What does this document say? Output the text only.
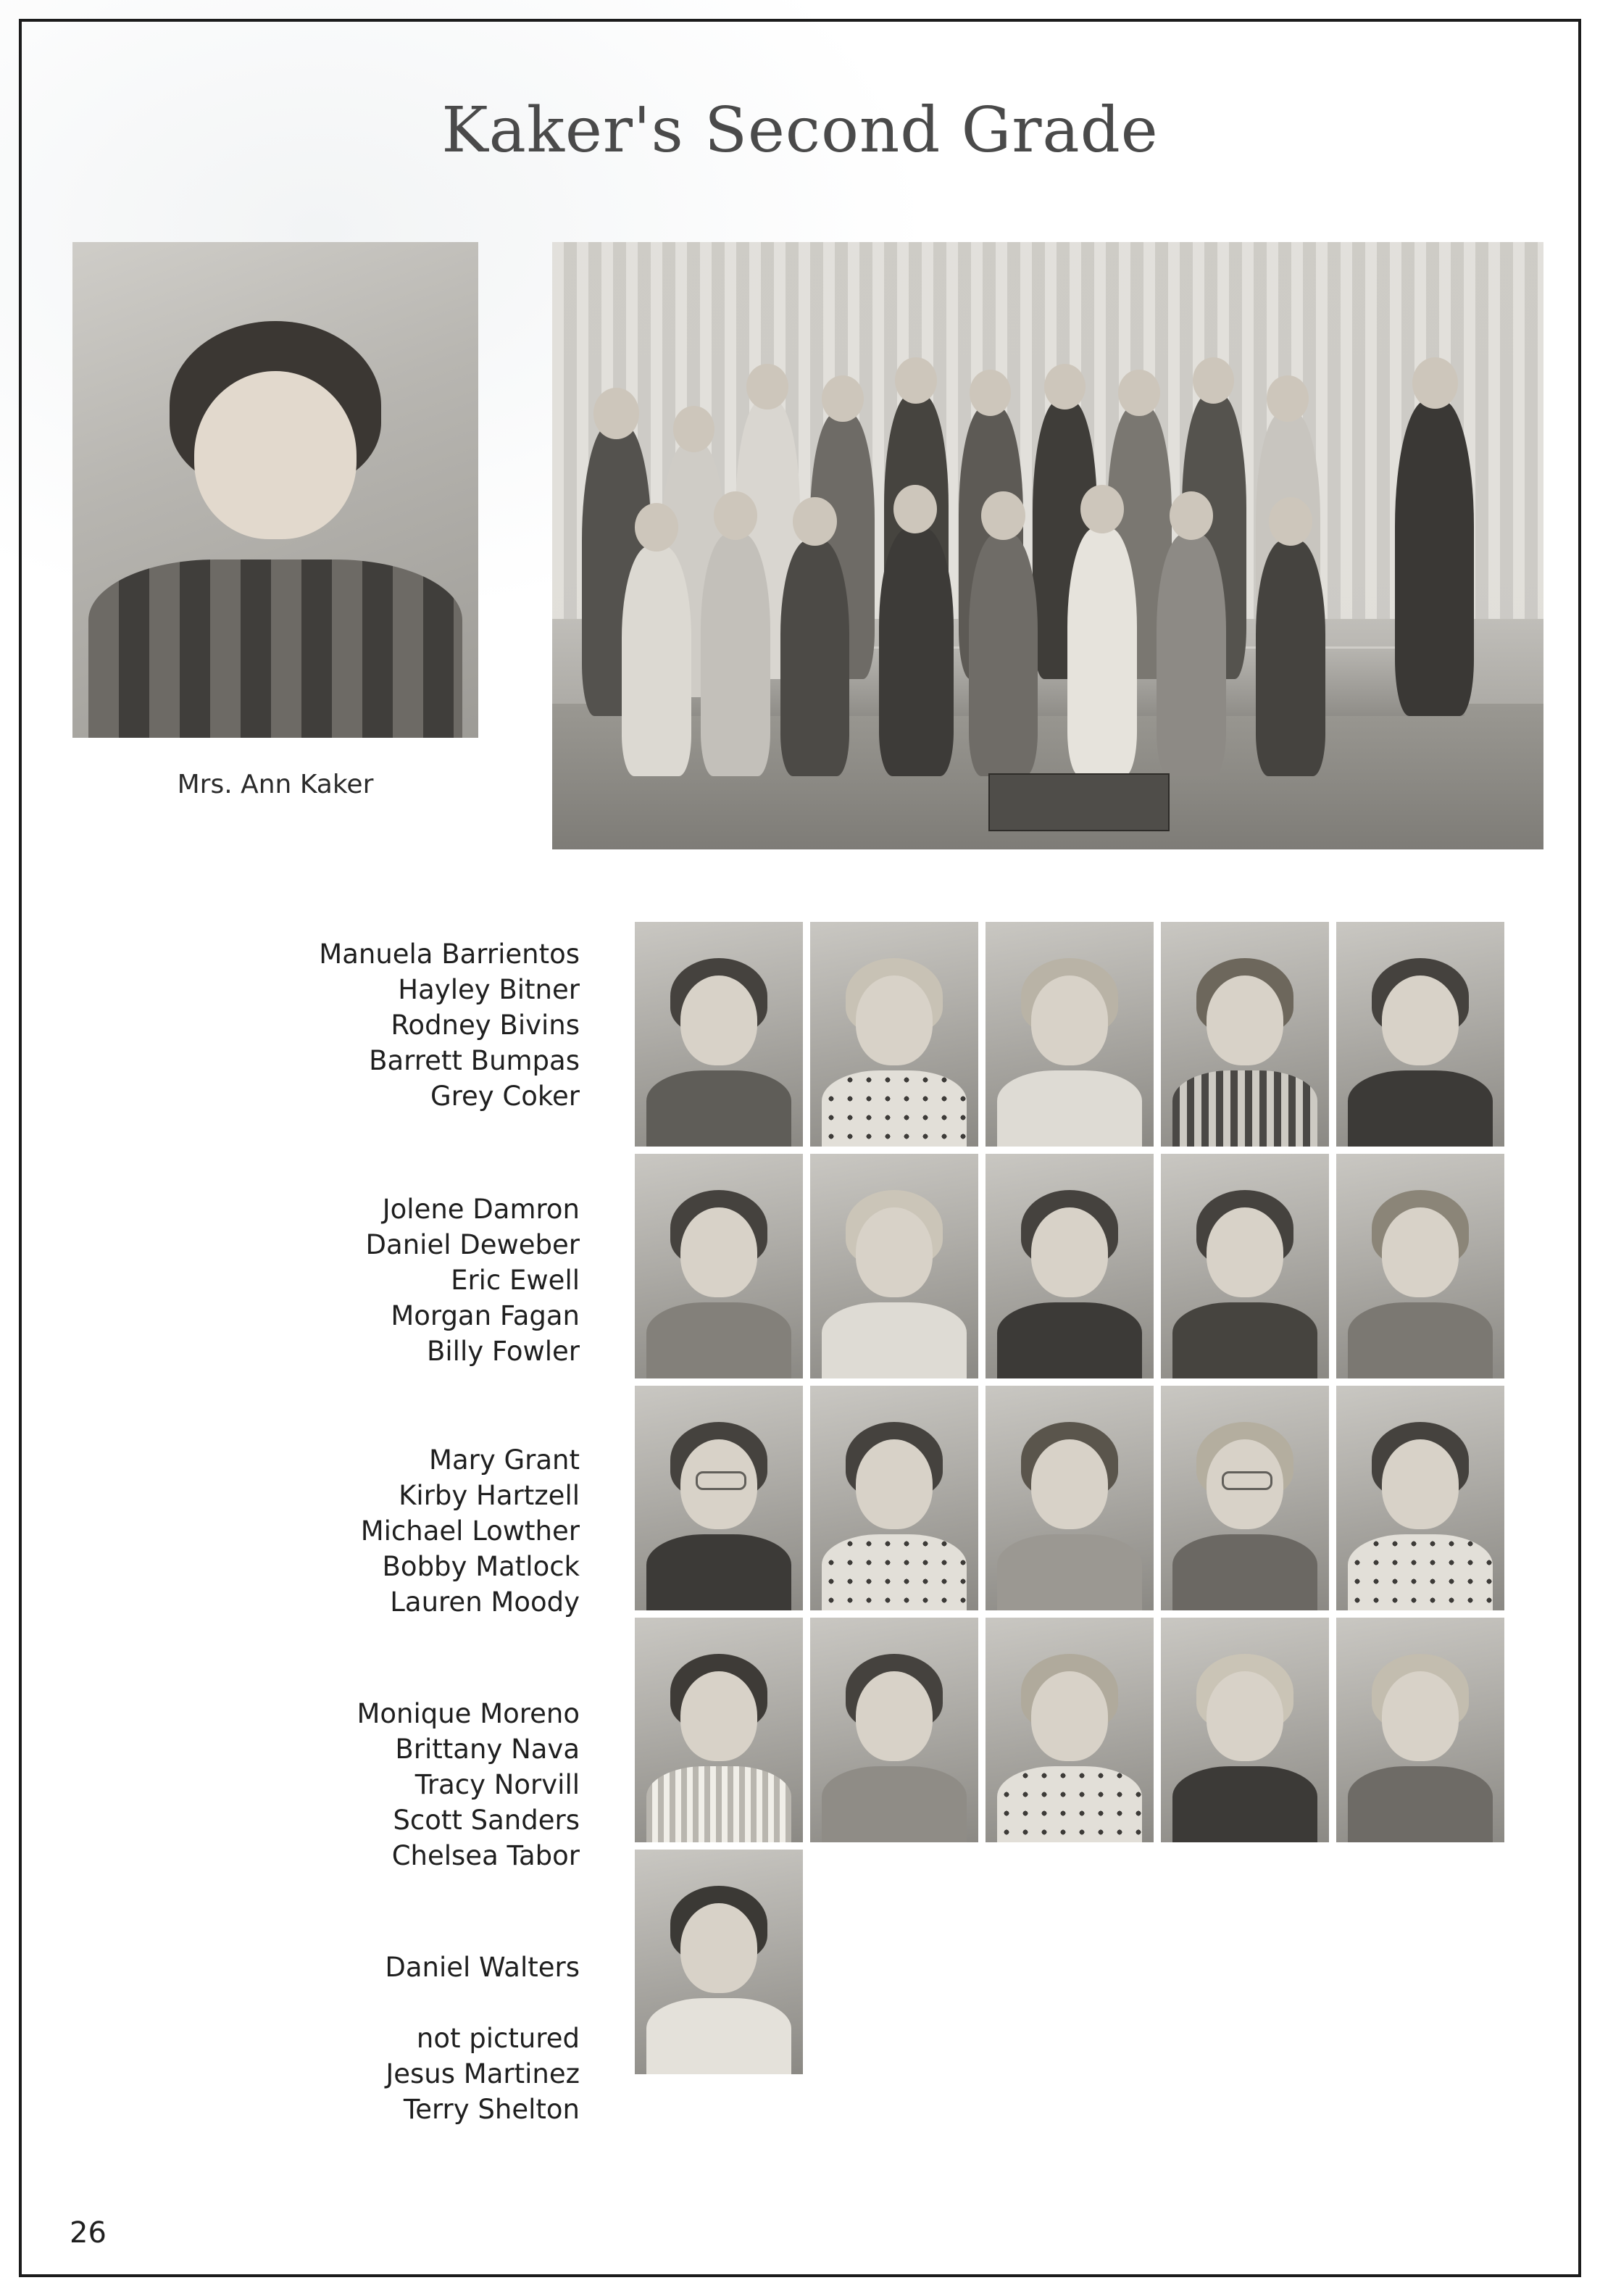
Kaker's Second Grade
Mrs. Ann Kaker
Manuela Barrientos
Hayley Bitner
Rodney Bivins
Barrett Bumpas
Grey Coker
Jolene Damron
Daniel Deweber
Eric Ewell
Morgan Fagan
Billy Fowler
Mary Grant
Kirby Hartzell
Michael Lowther
Bobby Matlock
Lauren Moody
Monique Moreno
Brittany Nava
Tracy Norvill
Scott Sanders
Chelsea Tabor
Daniel Walters
not pictured
Jesus Martinez
Terry Shelton
26
